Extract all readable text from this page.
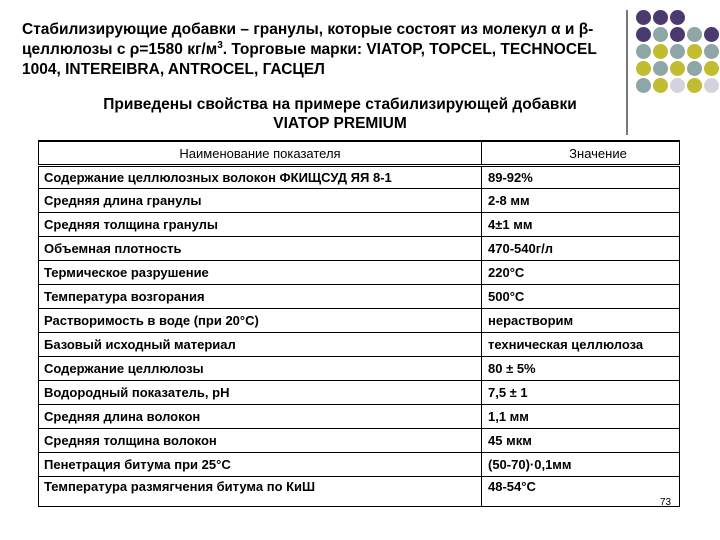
Стабилизирующие добавки – гранулы, которые состоят из молекул α и β-целлюлозы с ρ=1580 $кг/м^3$. Торговые марки: VIATOP, TOPCEL, TECHNOCEL 1004, INTEREIBRA, ANTROCEL, ГАСЦЕЛ
Приведены свойства на примере стабилизирующей добавки
VIATOP PREMIUM
Наименование показателя	Значение
Содержание целлюлозных волокон ФКИЩСУД ЯЯ 8-1	89-92%
Средняя длина гранулы	2-8 мм
Средняя толщина гранулы	4±1 мм
Объемная плотность	470-540г/л
Термическое разрушение	220°С
Температура возгорания	500°С
Растворимость в воде (при 20°С)	нерастворим
Базовый исходный материал	техническая целлюлоза
Содержание целлюлозы	80 ± 5%
Водородный показатель, рН	7,5 ± 1
Средняя длина волокон	1,1 мм
Средняя толщина волокон	45 мкм
Пенетрация битума при 25°С	(50-70)·0,1мм
Температура размягчения битума по КиШ	48-54°С
73
